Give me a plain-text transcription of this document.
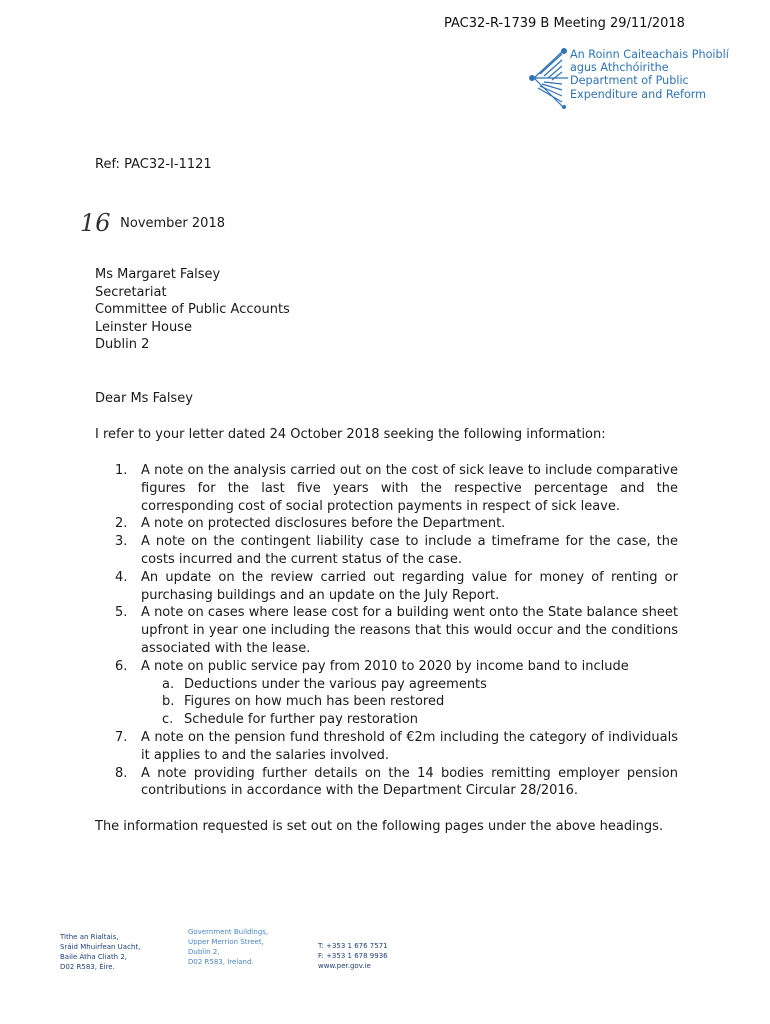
PAC32-R-1739 B Meeting 29/11/2018
An Roinn Caiteachais Phoiblí
agus Athchóirithe
Department of Public
Expenditure and Reform
Ref: PAC32-I-1121
16 November 2018
Ms Margaret Falsey
Secretariat
Committee of Public Accounts
Leinster House
Dublin 2
Dear Ms Falsey
I refer to your letter dated 24 October 2018 seeking the following information:
1.	A note on the analysis carried out on the cost of sick leave to include comparative figures for the last five years with the respective percentage and the corresponding cost of social protection payments in respect of sick leave.
2.	A note on protected disclosures before the Department.
3.	A note on the contingent liability case to include a timeframe for the case, the costs incurred and the current status of the case.
4.	An update on the review carried out regarding value for money of renting or purchasing buildings and an update on the July Report.
5.	A note on cases where lease cost for a building went onto the State balance sheet upfront in year one including the reasons that this would occur and the conditions associated with the lease.
6.	A note on public service pay from 2010 to 2020 by income band to include
a. Deductions under the various pay agreements
b. Figures on how much has been restored
c. Schedule for further pay restoration
7.	A note on the pension fund threshold of €2m including the category of individuals it applies to and the salaries involved.
8.	A note providing further details on the 14 bodies remitting employer pension contributions in accordance with the Department Circular 28/2016.
The information requested is set out on the following pages under the above headings.
Tithe an Rialtais,
Sráid Mhuirfean Uacht,
Baile Átha Cliath 2,
D02 R583, Éire.
Government Buildings,
Upper Merrion Street,
Dublin 2,
D02 R583, Ireland.
T: +353 1 676 7571
F: +353 1 678 9936
www.per.gov.ie
